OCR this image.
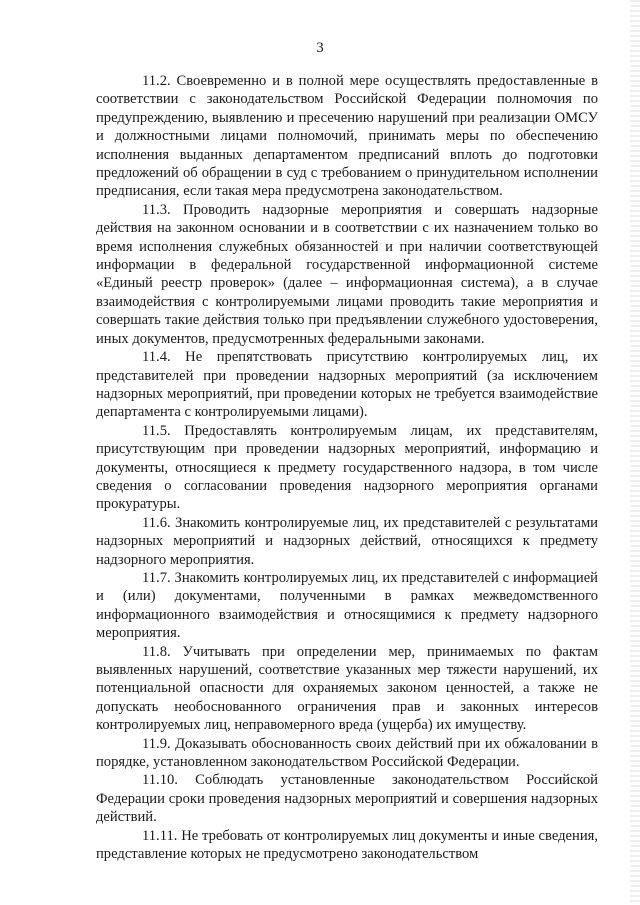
3

11.2. Своевременно и в полной мере осуществлять предоставленные в соответствии с законодательством Российской Федерации полномочия по предупреждению, выявлению и пресечению нарушений при реализации ОМСУ и должностными лицами полномочий, принимать меры по обеспечению исполнения выданных департаментом предписаний вплоть до подготовки предложений об обращении в суд с требованием о принудительном исполнении предписания, если такая мера предусмотрена законодательством.

11.3. Проводить надзорные мероприятия и совершать надзорные действия на законном основании и в соответствии с их назначением только во время исполнения служебных обязанностей и при наличии соответствующей информации в федеральной государственной информационной системе «Единый реестр проверок» (далее – информационная система), а в случае взаимодействия с контролируемыми лицами проводить такие мероприятия и совершать такие действия только при предъявлении служебного удостоверения, иных документов, предусмотренных федеральными законами.

11.4. Не препятствовать присутствию контролируемых лиц, их представителей при проведении надзорных мероприятий (за исключением надзорных мероприятий, при проведении которых не требуется взаимодействие департамента с контролируемыми лицами).

11.5. Предоставлять контролируемым лицам, их представителям, присутствующим при проведении надзорных мероприятий, информацию и документы, относящиеся к предмету государственного надзора, в том числе сведения о согласовании проведения надзорного мероприятия органами прокуратуры.

11.6. Знакомить контролируемые лиц, их представителей с результатами надзорных мероприятий и надзорных действий, относящихся к предмету надзорного мероприятия.

11.7. Знакомить контролируемых лиц, их представителей с информацией и (или) документами, полученными в рамках межведомственного информационного взаимодействия и относящимися к предмету надзорного мероприятия.

11.8. Учитывать при определении мер, принимаемых по фактам выявленных нарушений, соответствие указанных мер тяжести нарушений, их потенциальной опасности для охраняемых законом ценностей, а также не допускать необоснованного ограничения прав и законных интересов контролируемых лиц, неправомерного вреда (ущерба) их имуществу.

11.9. Доказывать обоснованность своих действий при их обжаловании в порядке, установленном законодательством Российской Федерации.

11.10. Соблюдать установленные законодательством Российской Федерации сроки проведения надзорных мероприятий и совершения надзорных действий.

11.11. Не требовать от контролируемых лиц документы и иные сведения, представление которых не предусмотрено законодательством
